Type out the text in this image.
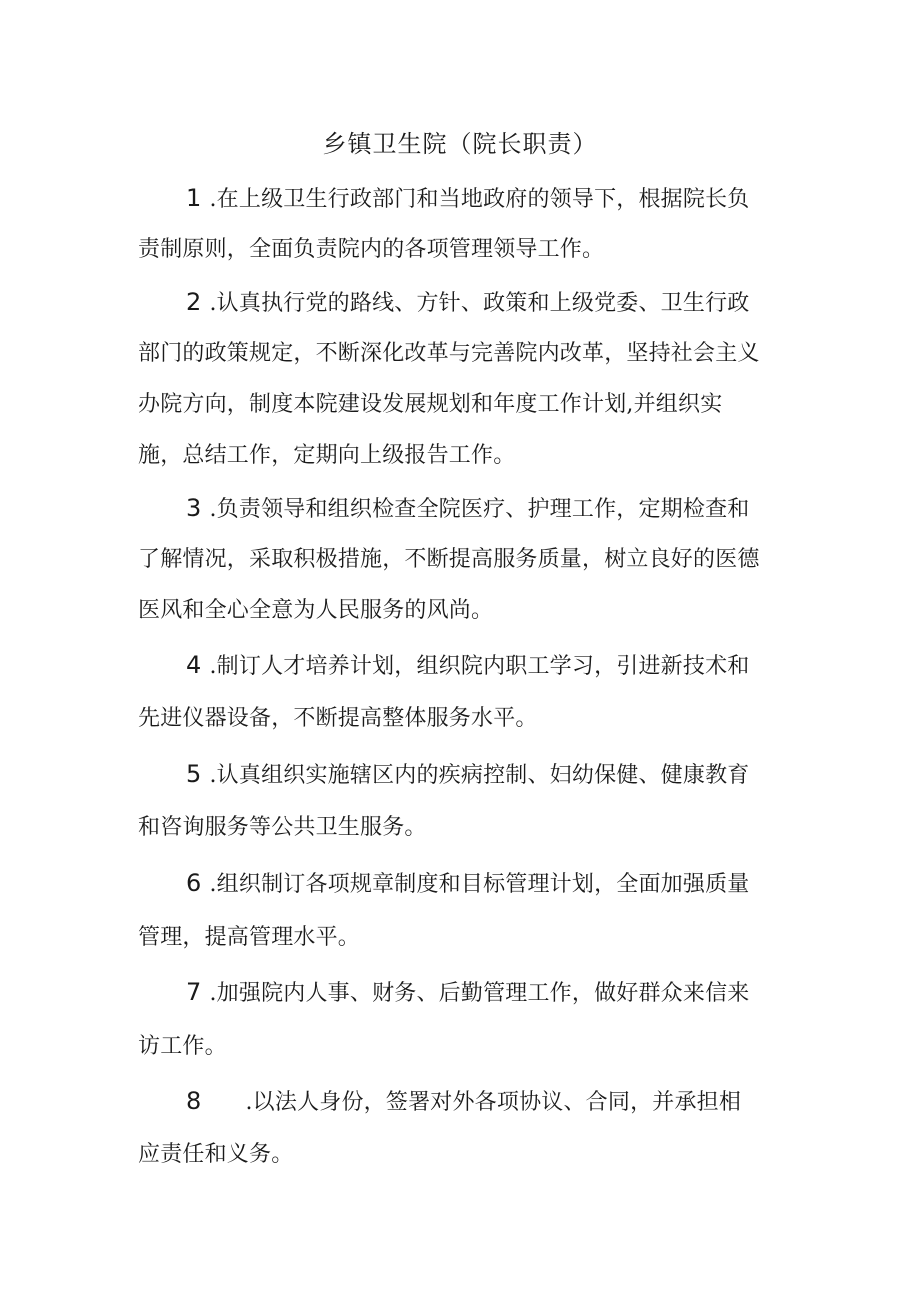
乡镇卫生院（院长职责）
1 .在上级卫生行政部门和当地政府的领导下，根据院长负
责制原则，全面负责院内的各项管理领导工作。
2 .认真执行党的路线、方针、政策和上级党委、卫生行政
部门的政策规定，不断深化改革与完善院内改革，坚持社会主义
办院方向，制度本院建设发展规划和年度工作计划,并组织实
施，总结工作，定期向上级报告工作。
3 .负责领导和组织检查全院医疗、护理工作，定期检查和
了解情况，采取积极措施，不断提高服务质量，树立良好的医德
医风和全心全意为人民服务的风尚。
4 .制订人才培养计划，组织院内职工学习，引进新技术和
先进仪器设备，不断提高整体服务水平。
5 .认真组织实施辖区内的疾病控制、妇幼保健、健康教育
和咨询服务等公共卫生服务。
6 .组织制订各项规章制度和目标管理计划，全面加强质量
管理，提高管理水平。
7 .加强院内人事、财务、后勤管理工作，做好群众来信来
访工作。
8 .以法人身份，签署对外各项协议、合同，并承担相
应责任和义务。
